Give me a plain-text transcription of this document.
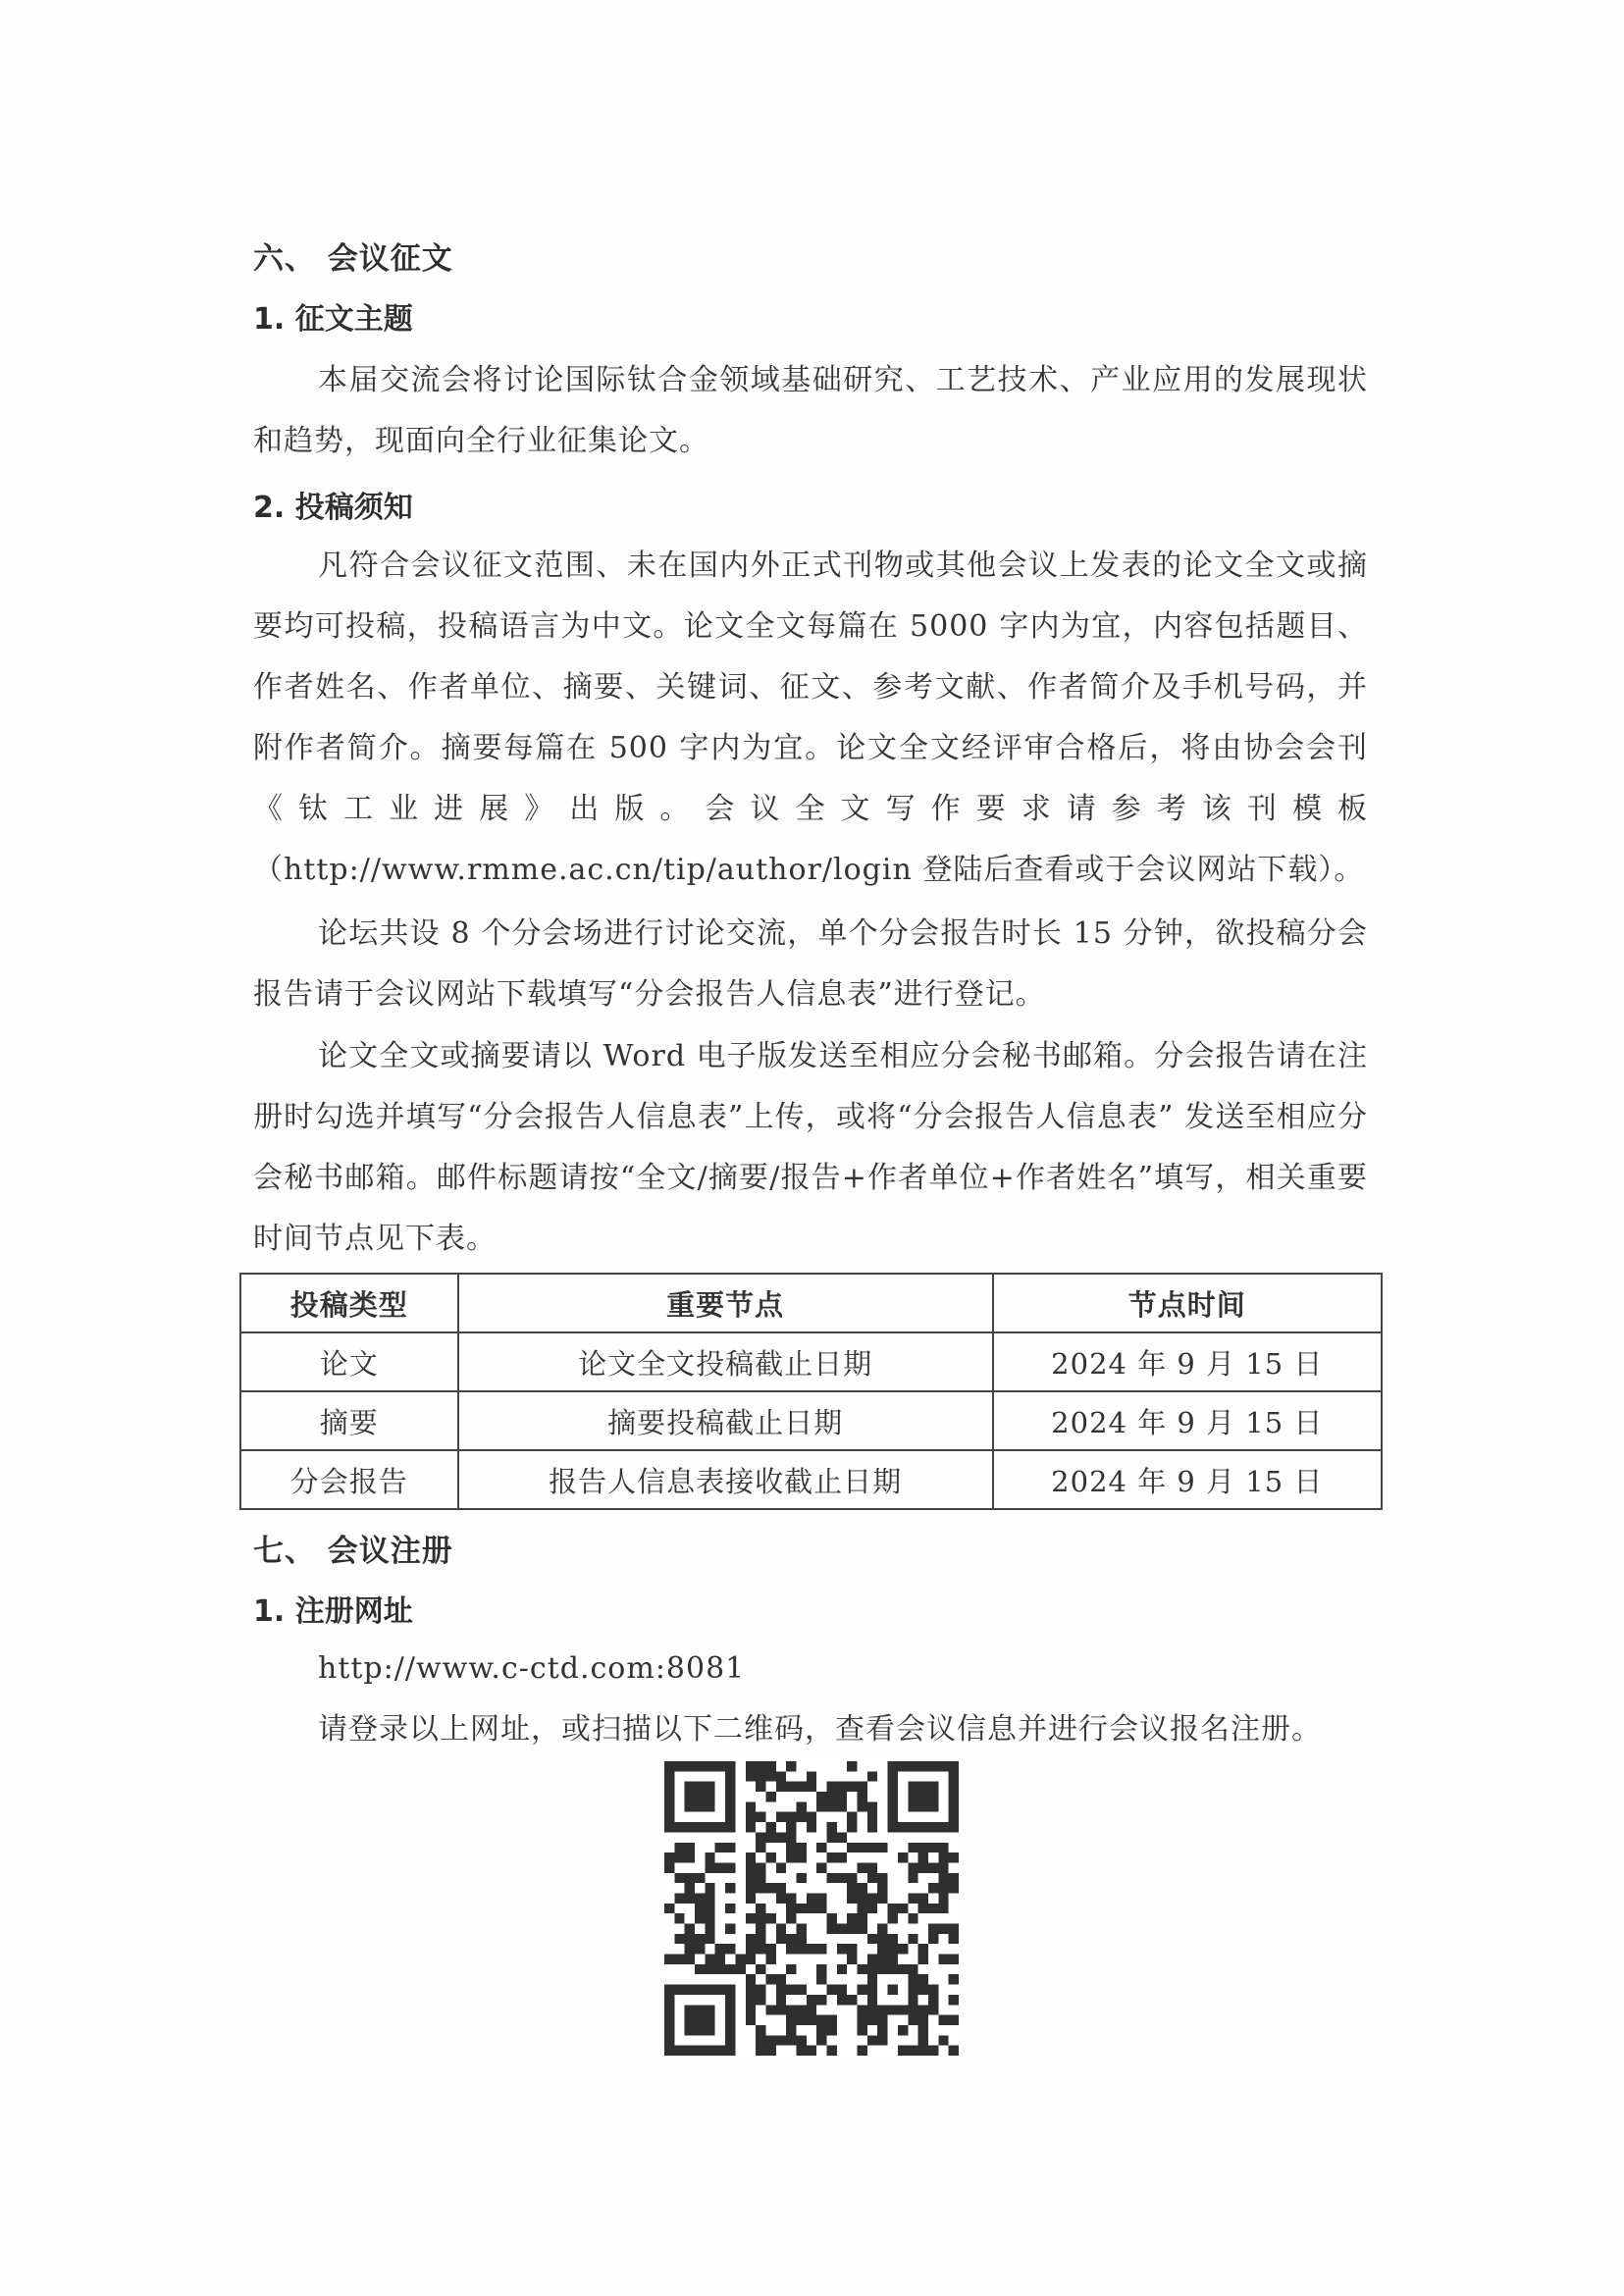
六、 会议征文
1. 征文主题

本届交流会将讨论国际钛合金领域基础研究、工艺技术、产业应用的发展现状和趋势，现面向全行业征集论文。

2. 投稿须知

凡符合会议征文范围、未在国内外正式刊物或其他会议上发表的论文全文或摘要均可投稿，投稿语言为中文。论文全文每篇在 5000 字内为宜，内容包括题目、作者姓名、作者单位、摘要、关键词、征文、参考文献、作者简介及手机号码，并附作者简介。摘要每篇在 500 字内为宜。论文全文经评审合格后，将由协会会刊《钛工业进展》出版。会议全文写作要求请参考该刊模板（http://www.rmme.ac.cn/tip/author/login 登陆后查看或于会议网站下载）。

论坛共设 8 个分会场进行讨论交流，单个分会报告时长 15 分钟，欲投稿分会报告请于会议网站下载填写“分会报告人信息表”进行登记。

论文全文或摘要请以 Word 电子版发送至相应分会秘书邮箱。分会报告请在注册时勾选并填写“分会报告人信息表”上传，或将“分会报告人信息表” 发送至相应分会秘书邮箱。邮件标题请按“全文/摘要/报告+作者单位+作者姓名”填写，相关重要时间节点见下表。

投稿类型	重要节点	节点时间
论文	论文全文投稿截止日期	2024 年 9 月 15 日
摘要	摘要投稿截止日期	2024 年 9 月 15 日
分会报告	报告人信息表接收截止日期	2024 年 9 月 15 日
七、 会议注册
1. 注册网址
http://www.c-ctd.com:8081
请登录以上网址，或扫描以下二维码，查看会议信息并进行会议报名注册。
